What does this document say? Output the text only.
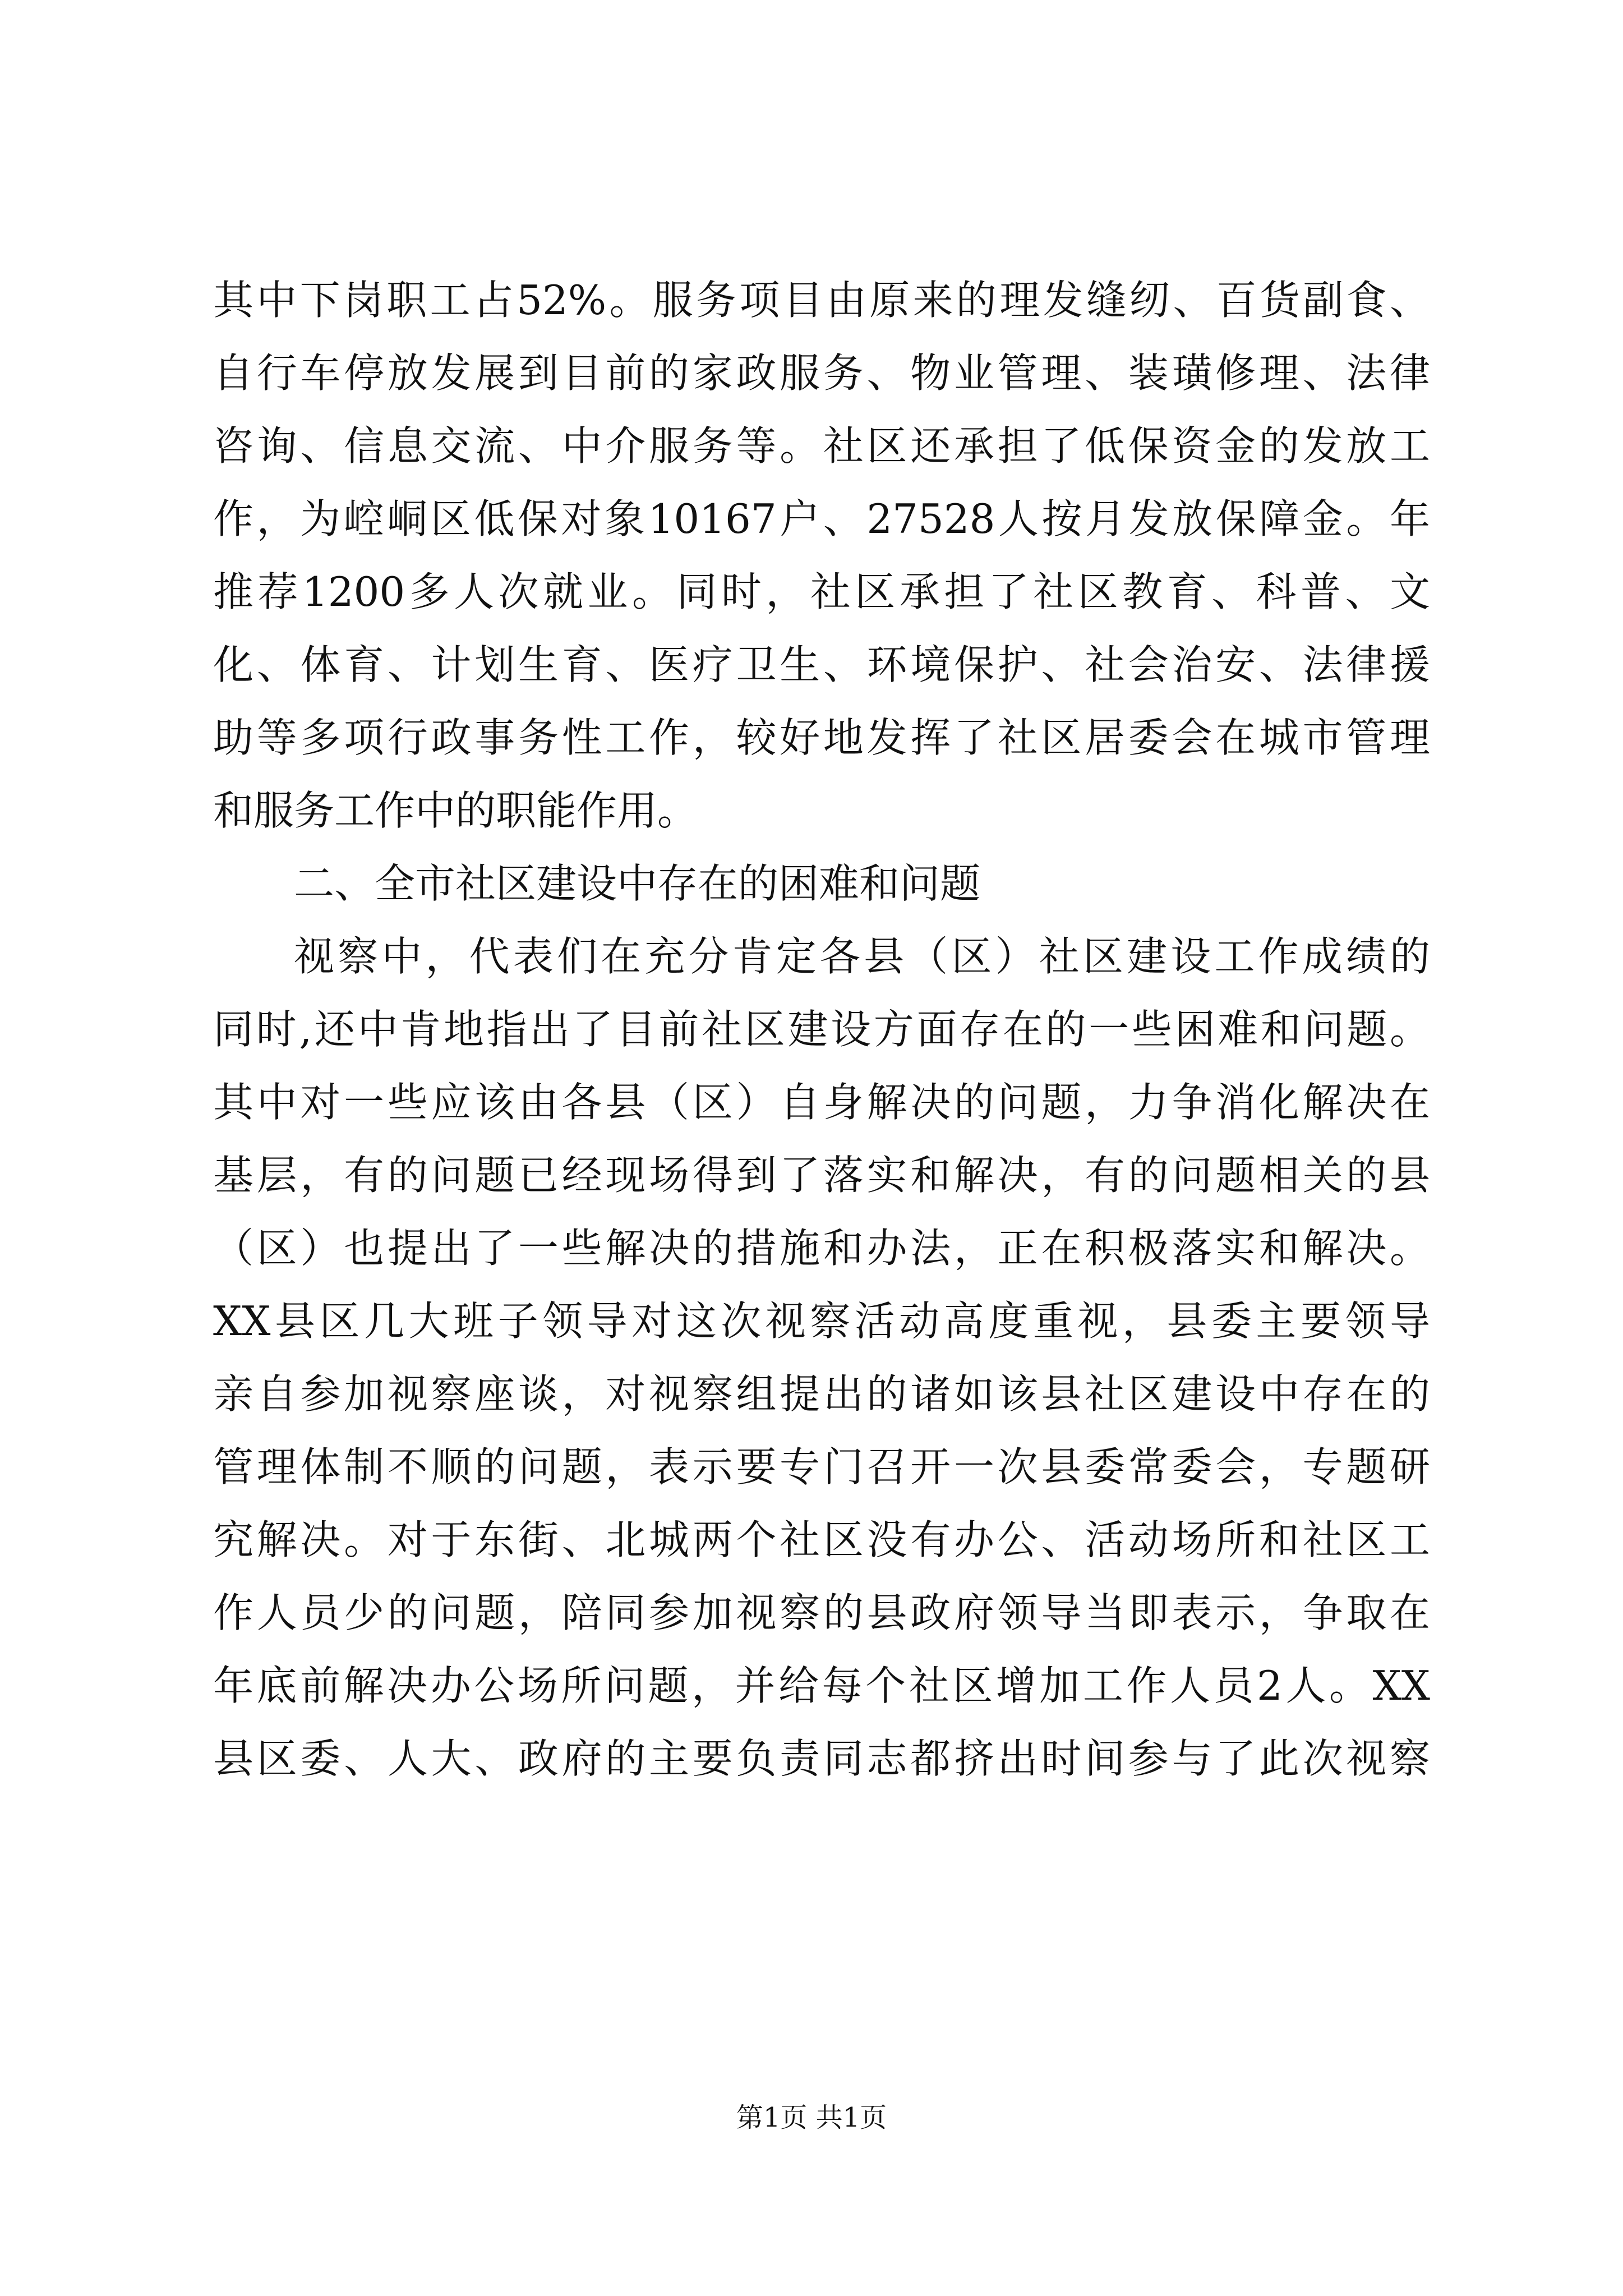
其中下岗职工占52%。服务项目由原来的理发缝纫、百货副食、
自行车停放发展到目前的家政服务、物业管理、装璜修理、法律
咨询、信息交流、中介服务等。社区还承担了低保资金的发放工
作，为崆峒区低保对象10167户、27528人按月发放保障金。年
推荐1200多人次就业。同时，社区承担了社区教育、科普、文
化、体育、计划生育、医疗卫生、环境保护、社会治安、法律援
助等多项行政事务性工作，较好地发挥了社区居委会在城市管理
和服务工作中的职能作用。
二、全市社区建设中存在的困难和问题
视察中，代表们在充分肯定各县（区）社区建设工作成绩的
同时,还中肯地指出了目前社区建设方面存在的一些困难和问题。
其中对一些应该由各县（区）自身解决的问题，力争消化解决在
基层，有的问题已经现场得到了落实和解决，有的问题相关的县
（区）也提出了一些解决的措施和办法，正在积极落实和解决。
XX县区几大班子领导对这次视察活动高度重视，县委主要领导
亲自参加视察座谈，对视察组提出的诸如该县社区建设中存在的
管理体制不顺的问题，表示要专门召开一次县委常委会，专题研
究解决。对于东街、北城两个社区没有办公、活动场所和社区工
作人员少的问题，陪同参加视察的县政府领导当即表示，争取在
年底前解决办公场所问题，并给每个社区增加工作人员2人。XX
县区委、人大、政府的主要负责同志都挤出时间参与了此次视察
第1页 共1页
